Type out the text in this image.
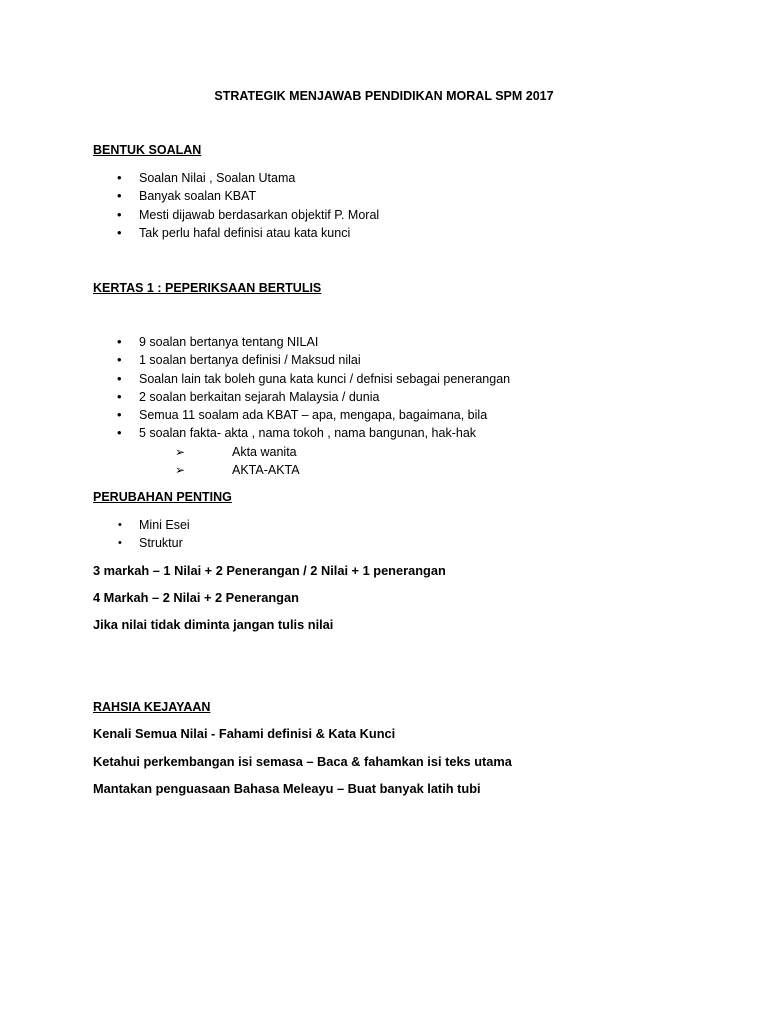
STRATEGIK MENJAWAB PENDIDIKAN MORAL SPM 2017
BENTUK SOALAN
• Soalan Nilai , Soalan Utama
• Banyak soalan KBAT
• Mesti dijawab berdasarkan objektif P. Moral
• Tak perlu hafal definisi atau kata kunci
KERTAS 1 : PEPERIKSAAN BERTULIS
• 9 soalan bertanya tentang NILAI
• 1 soalan bertanya definisi / Maksud nilai
• Soalan lain tak boleh guna kata kunci / defnisi sebagai penerangan
• 2 soalan berkaitan sejarah Malaysia / dunia
• Semua 11 soalam ada KBAT – apa, mengapa, bagaimana, bila
• 5 soalan fakta- akta , nama tokoh , nama bangunan, hak-hak
➢	Akta wanita
➢	AKTA-AKTA
PERUBAHAN PENTING
• Mini Esei
• Struktur
3 markah – 1 Nilai + 2 Penerangan / 2 Nilai + 1 penerangan
4 Markah – 2 Nilai + 2 Penerangan
Jika nilai tidak diminta jangan tulis nilai
RAHSIA KEJAYAAN
Kenali Semua Nilai - Fahami definisi & Kata Kunci
Ketahui perkembangan isi semasa – Baca & fahamkan isi teks utama
Mantakan penguasaan Bahasa Meleayu – Buat banyak latih tubi
